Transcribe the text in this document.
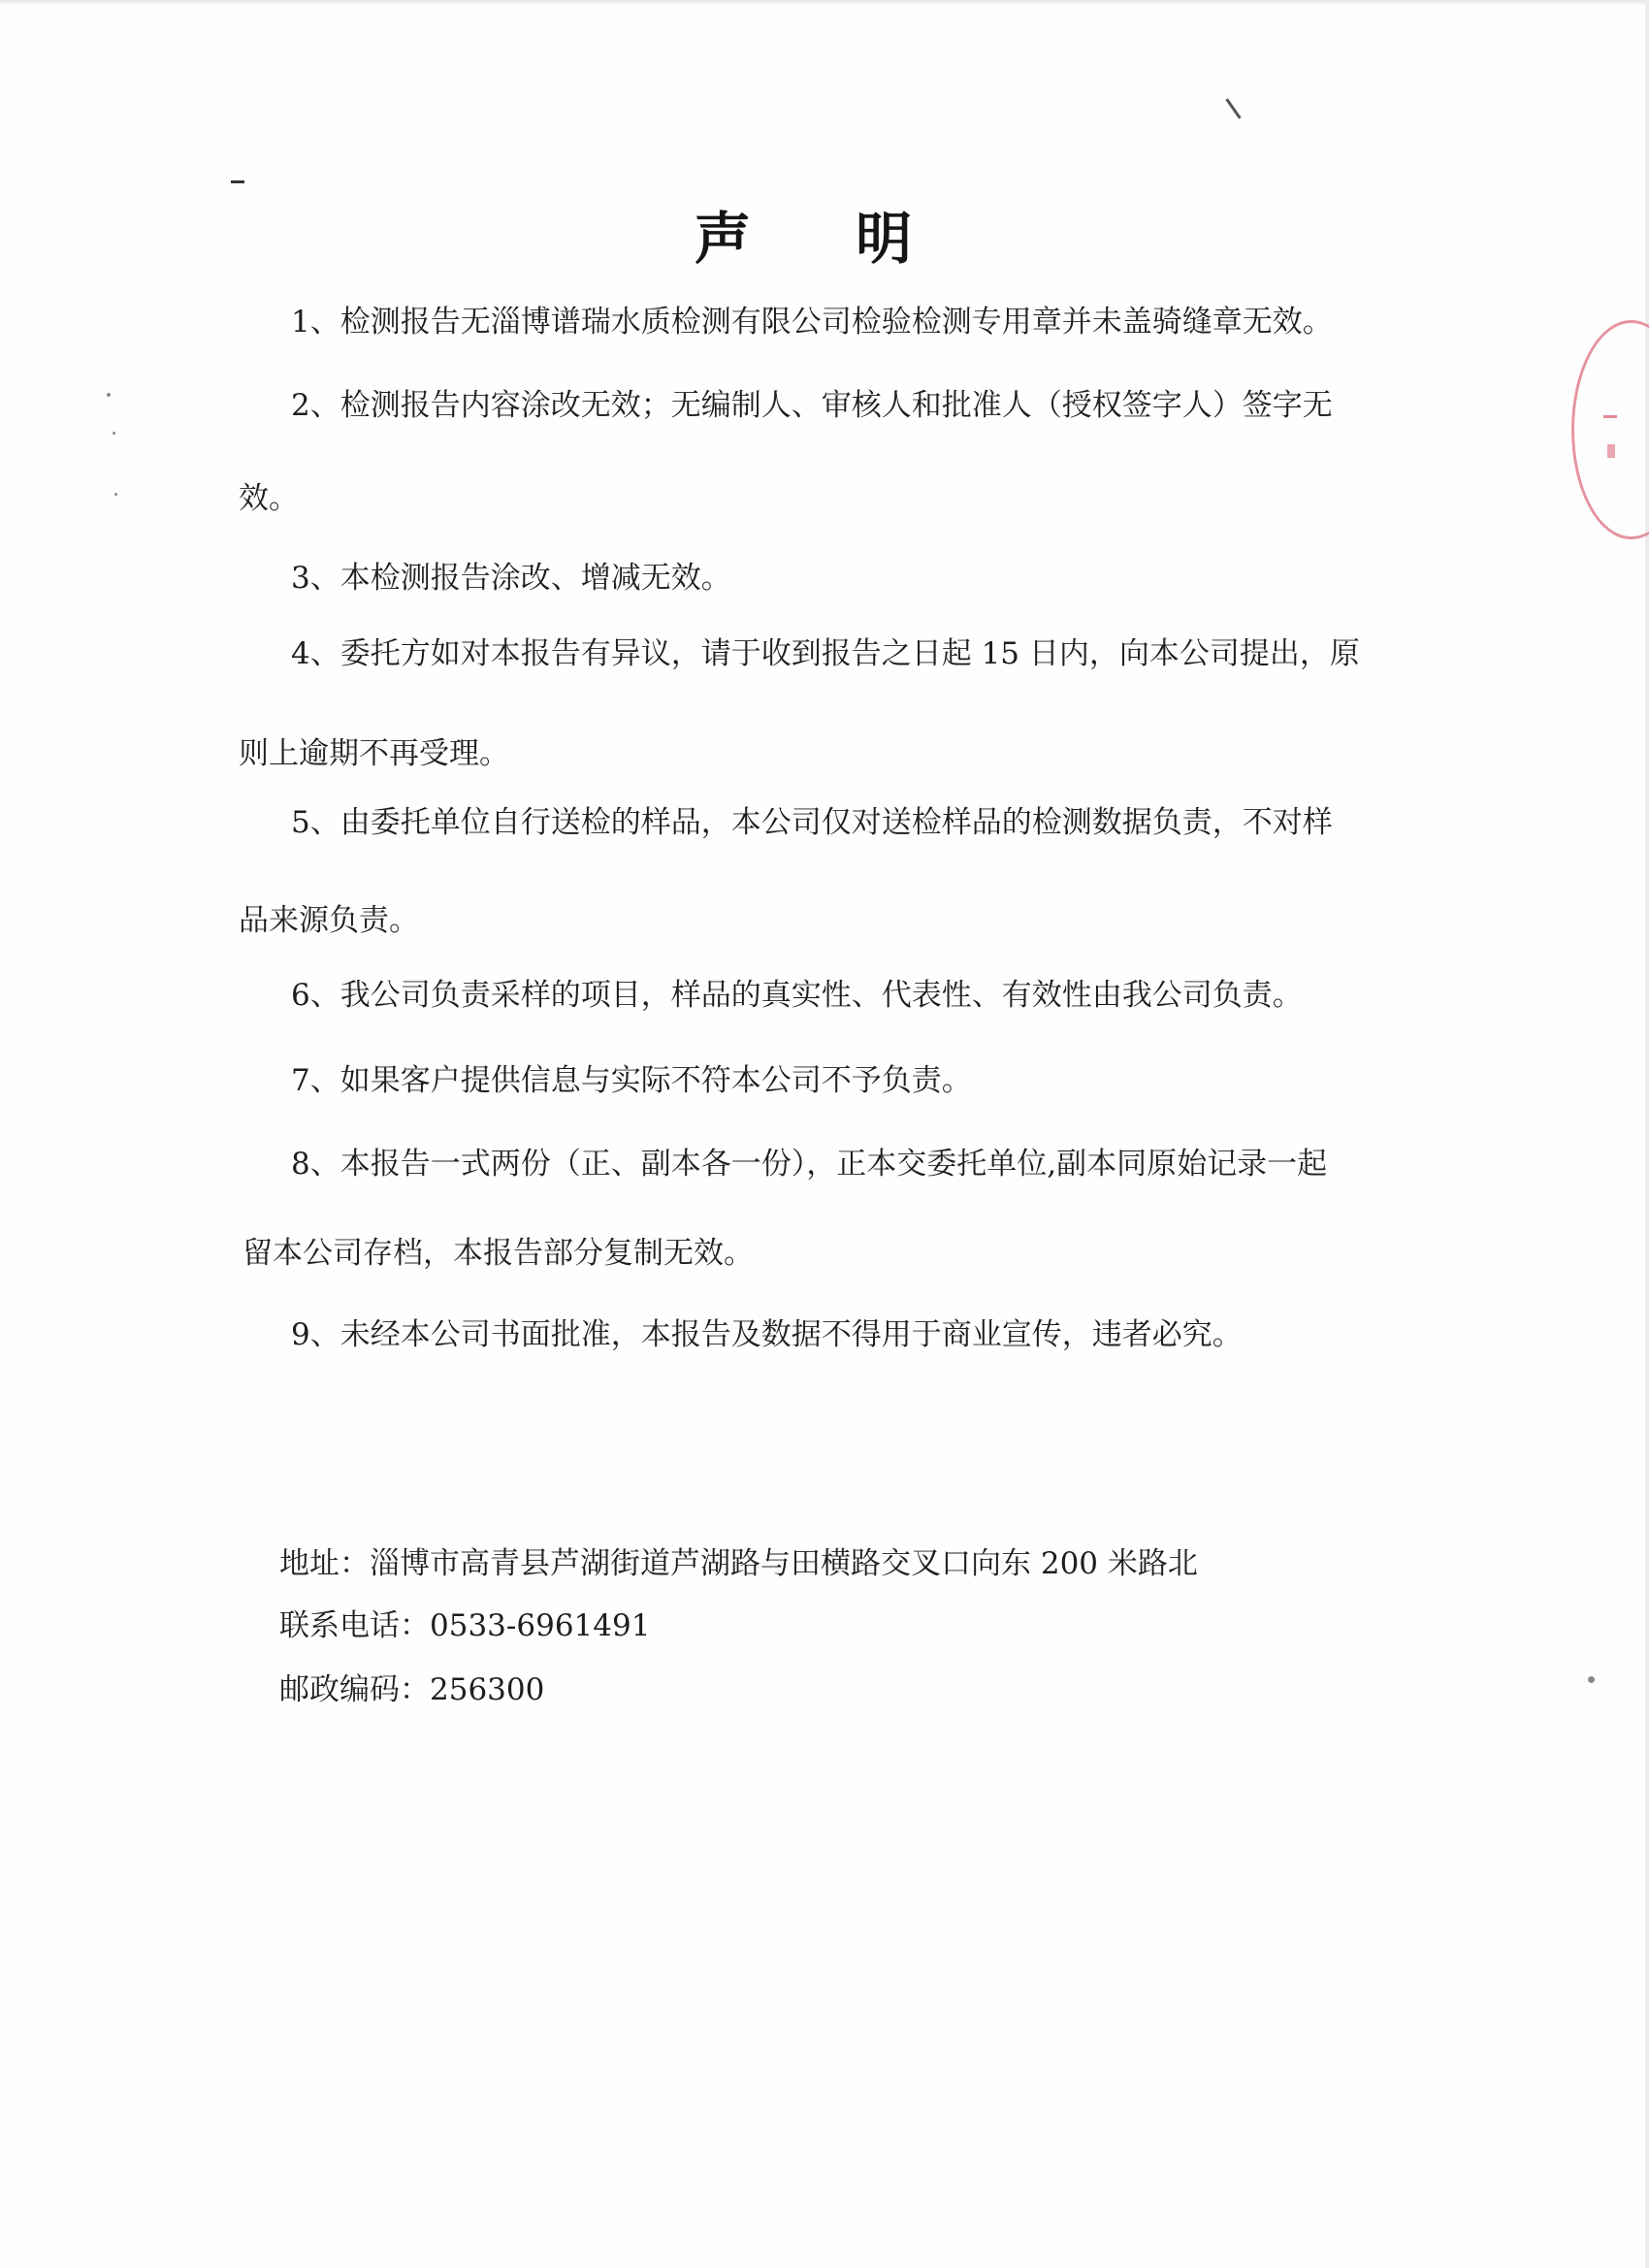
声 明
1、检测报告无淄博谱瑞水质检测有限公司检验检测专用章并未盖骑缝章无效。
2、检测报告内容涂改无效；无编制人、审核人和批准人（授权签字人）签字无
效。
3、本检测报告涂改、增减无效。
4、委托方如对本报告有异议，请于收到报告之日起 15 日内，向本公司提出，原
则上逾期不再受理。
5、由委托单位自行送检的样品，本公司仅对送检样品的检测数据负责，不对样
品来源负责。
6、我公司负责采样的项目，样品的真实性、代表性、有效性由我公司负责。
7、如果客户提供信息与实际不符本公司不予负责。
8、本报告一式两份（正、副本各一份），正本交委托单位,副本同原始记录一起
留本公司存档，本报告部分复制无效。
9、未经本公司书面批准，本报告及数据不得用于商业宣传，违者必究。
地址：淄博市高青县芦湖街道芦湖路与田横路交叉口向东 200 米路北
联系电话：0533-6961491
邮政编码：256300
